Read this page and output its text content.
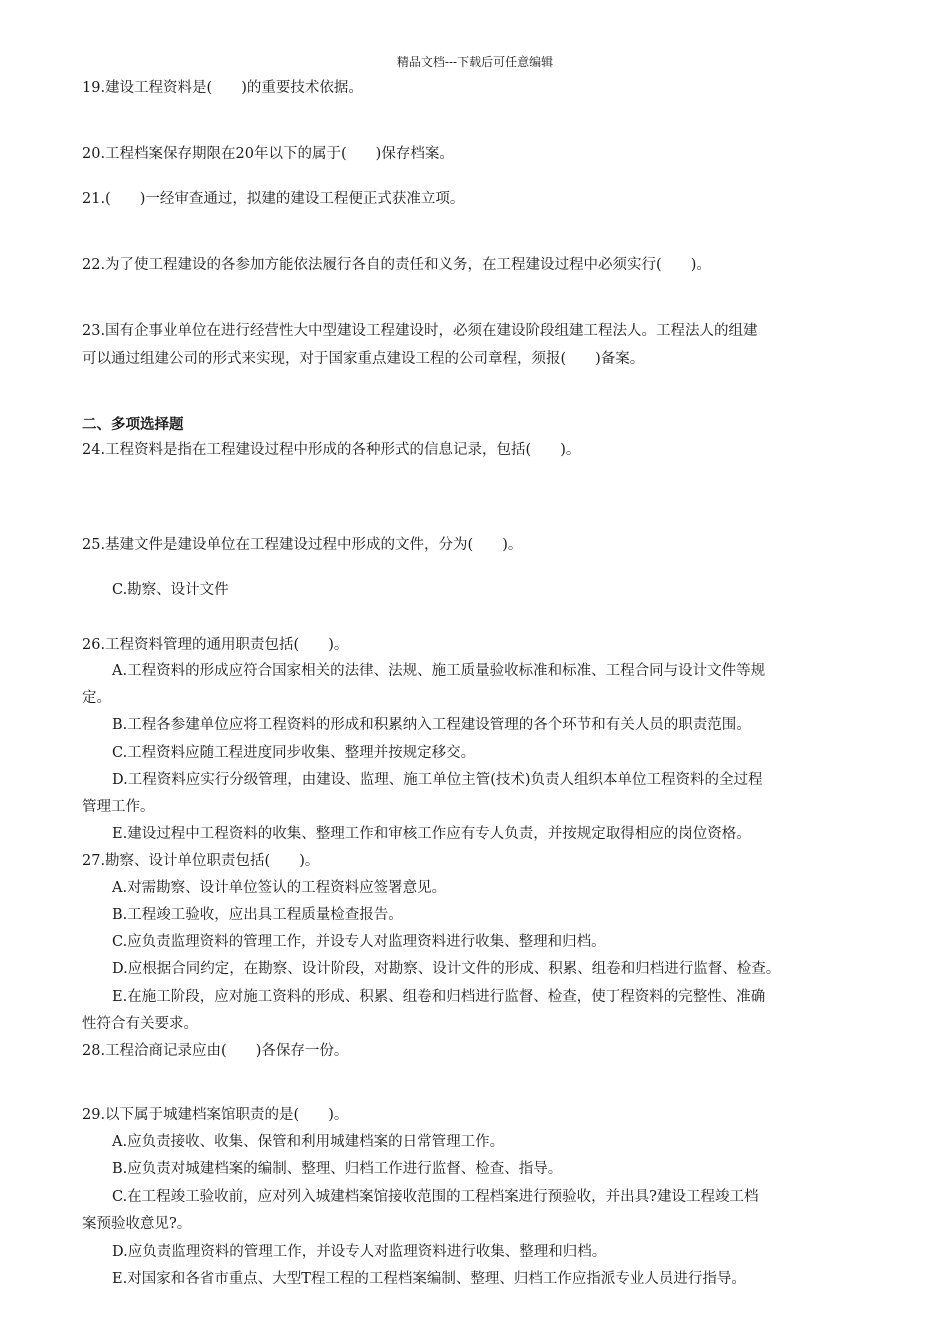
精品文档---下载后可任意编辑
19.建设工程资料是(　　)的重要技术依据。
20.工程档案保存期限在20年以下的属于(　　)保存档案。
21.(　　)一经审查通过，拟建的建设工程便正式获准立项。
22.为了使工程建设的各参加方能依法履行各自的责任和义务，在工程建设过程中必须实行(　　)。
23.国有企事业单位在进行经营性大中型建设工程建设时，必须在建设阶段组建工程法人。工程法人的组建
可以通过组建公司的形式来实现，对于国家重点建设工程的公司章程，须报(　　)备案。
二、多项选择题
24.工程资料是指在工程建设过程中形成的各种形式的信息记录，包括(　　)。
25.基建文件是建设单位在工程建设过程中形成的文件，分为(　　)。
C.勘察、设计文件
26.工程资料管理的通用职责包括(　　)。
A.工程资料的形成应符合国家相关的法律、法规、施工质量验收标准和标准、工程合同与设计文件等规
定。
B.工程各参建单位应将工程资料的形成和积累纳入工程建设管理的各个环节和有关人员的职责范围。
C.工程资料应随工程进度同步收集、整理并按规定移交。
D.工程资料应实行分级管理，由建设、监理、施工单位主管(技术)负责人组织本单位工程资料的全过程
管理工作。
E.建设过程中工程资料的收集、整理工作和审核工作应有专人负责，并按规定取得相应的岗位资格。
27.勘察、设计单位职责包括(　　)。
A.对需勘察、设计单位签认的工程资料应签署意见。
B.工程竣工验收，应出具工程质量检查报告。
C.应负责监理资料的管理工作，并设专人对监理资料进行收集、整理和归档。
D.应根据合同约定，在勘察、设计阶段，对勘察、设计文件的形成、积累、组卷和归档进行监督、检查。
E.在施工阶段，应对施工资料的形成、积累、组卷和归档进行监督、检查，使丁程资料的完整性、准确
性符合有关要求。
28.工程洽商记录应由(　　)各保存一份。
29.以下属于城建档案馆职责的是(　　)。
A.应负责接收、收集、保管和利用城建档案的日常管理工作。
B.应负责对城建档案的编制、整理、归档工作进行监督、检查、指导。
C.在工程竣工验收前，应对列入城建档案馆接收范围的工程档案进行预验收，并出具?建设工程竣工档
案预验收意见?。
D.应负责监理资料的管理工作，并设专人对监理资料进行收集、整理和归档。
E.对国家和各省市重点、大型T程工程的工程档案编制、整理、归档工作应指派专业人员进行指导。
